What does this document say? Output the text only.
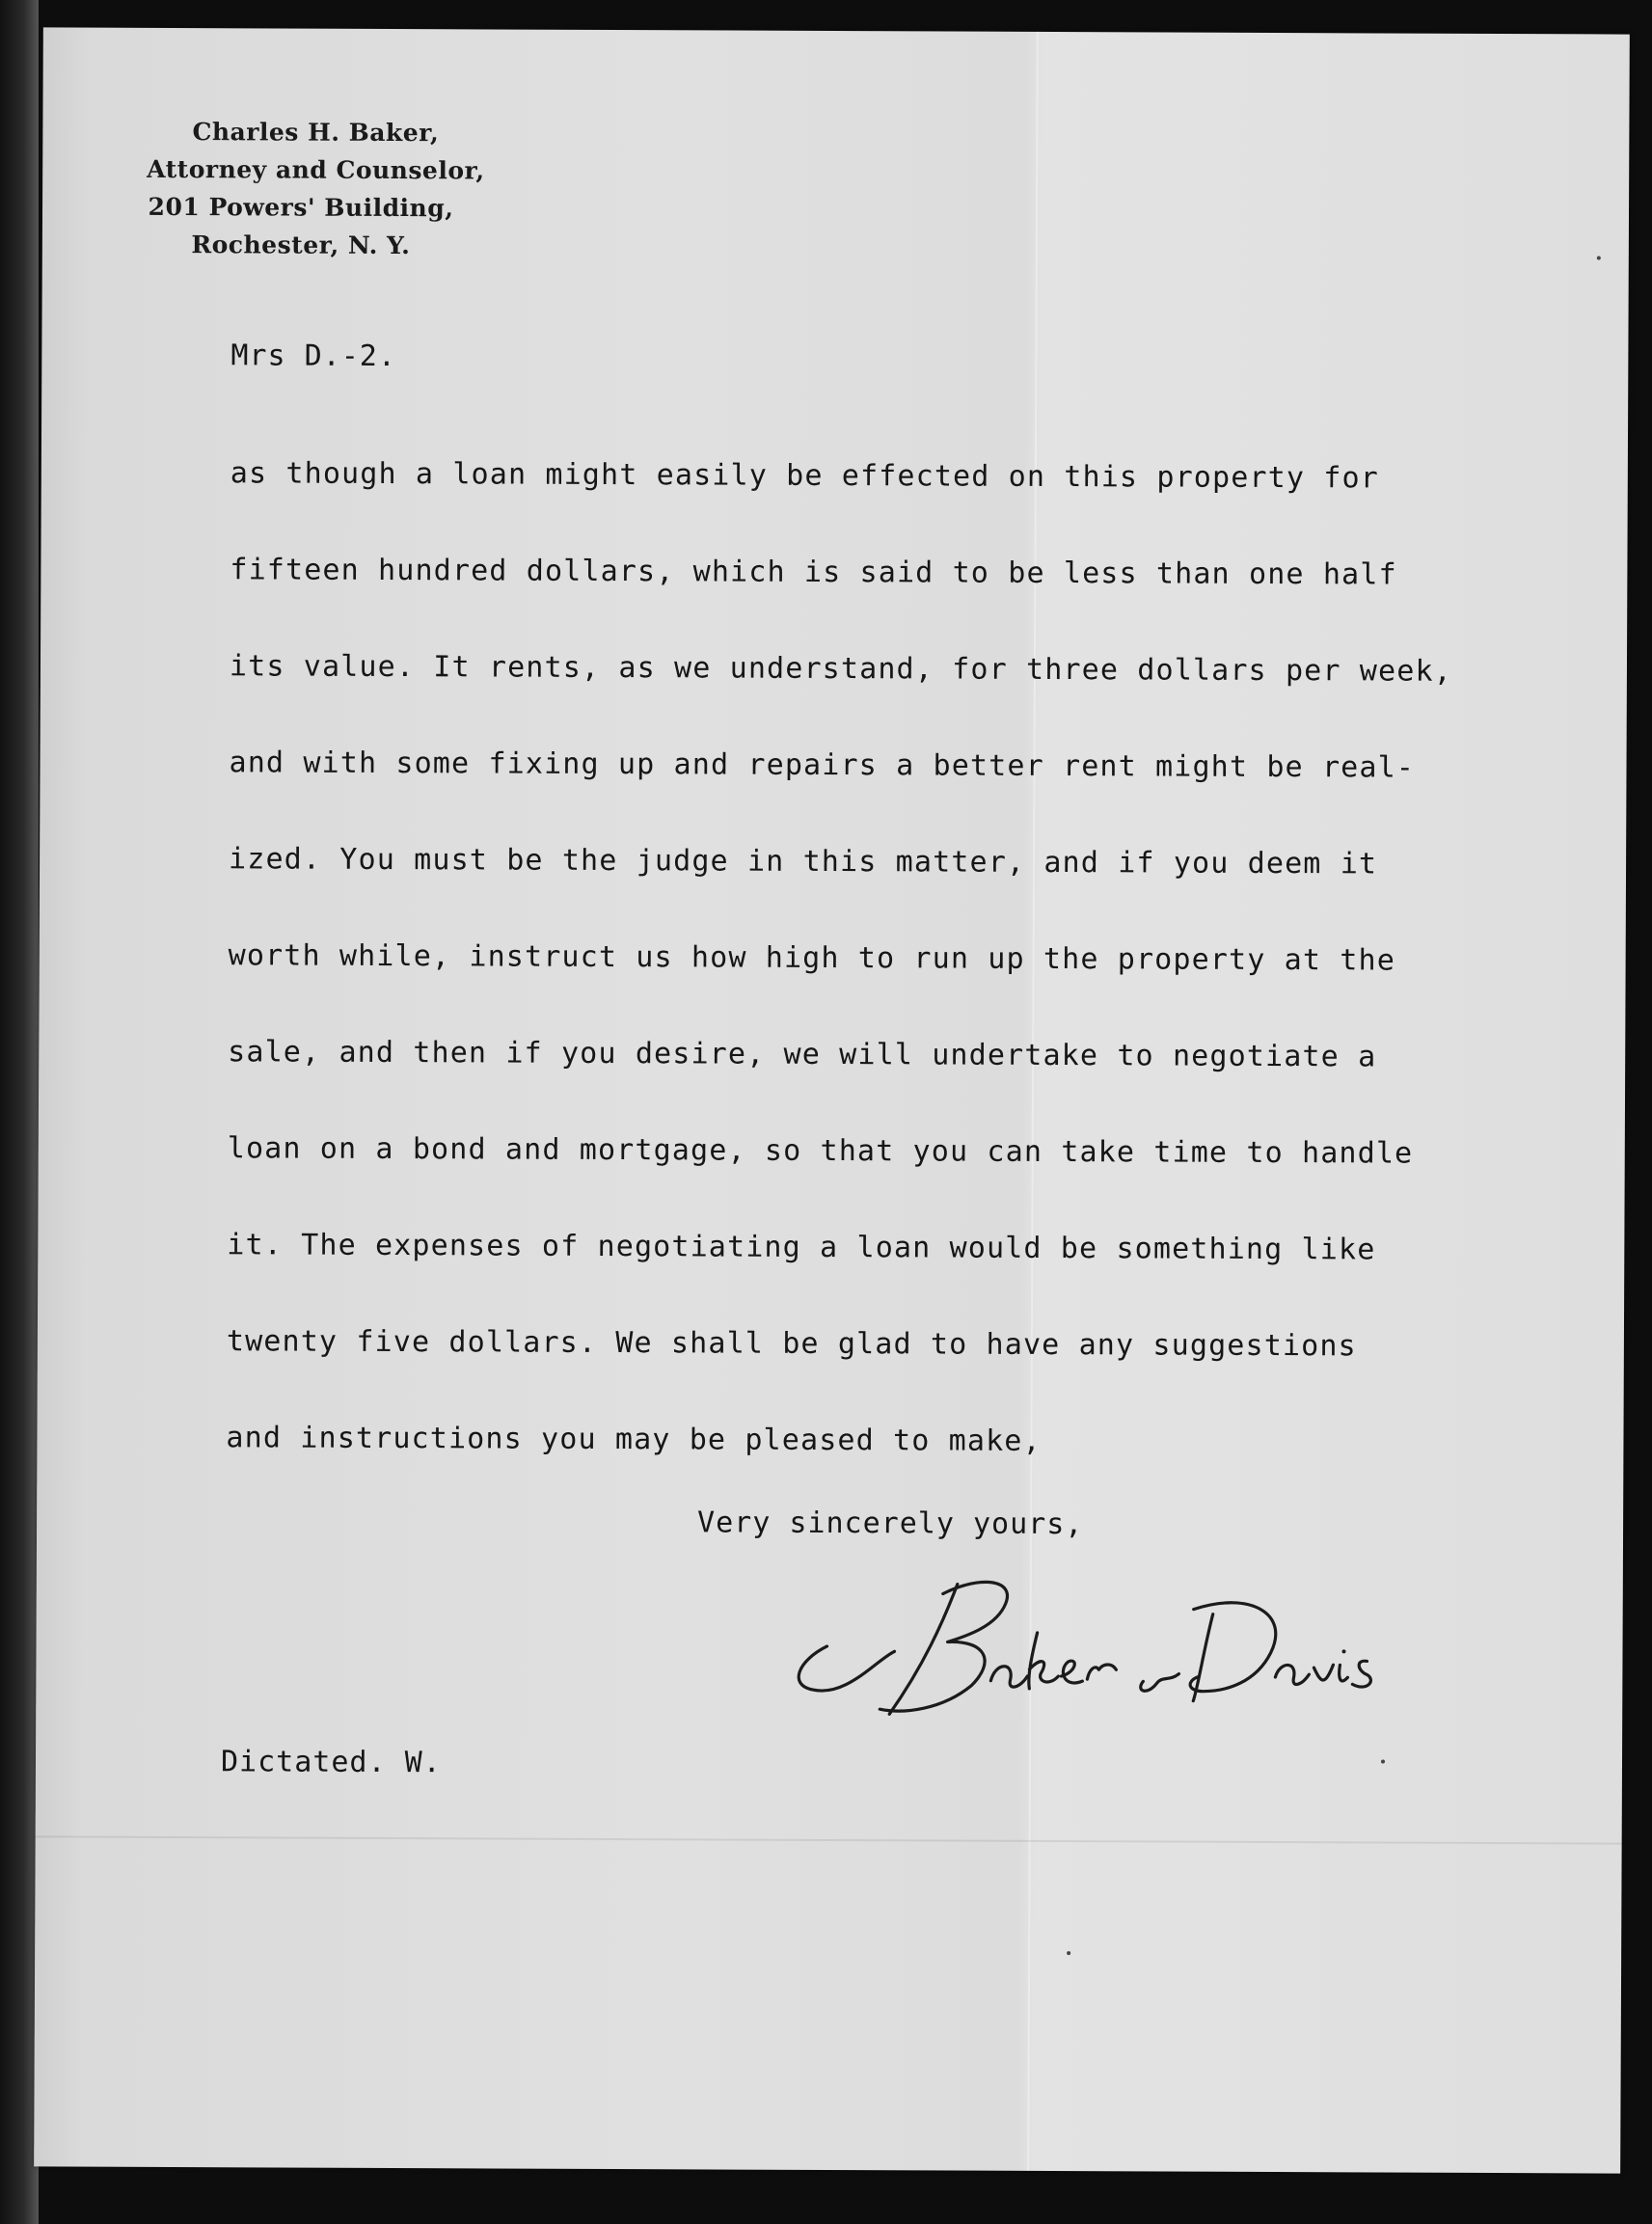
Charles H. Baker,
Attorney and Counselor,
201 Powers' Building,
Rochester, N. Y.
Mrs D.-2.
as though a loan might easily be effected on this property for
fifteen hundred dollars, which is said to be less than one half
its value. It rents, as we understand, for three dollars per week,
and with some fixing up and repairs a better rent might be real-
ized. You must be the judge in this matter, and if you deem it
worth while, instruct us how high to run up the property at the
sale, and then if you desire, we will undertake to negotiate a
loan on a bond and mortgage, so that you can take time to handle
it. The expenses of negotiating a loan would be something like
twenty five dollars. We shall be glad to have any suggestions
and instructions you may be pleased to make,
Very sincerely yours,
Dictated. W.
